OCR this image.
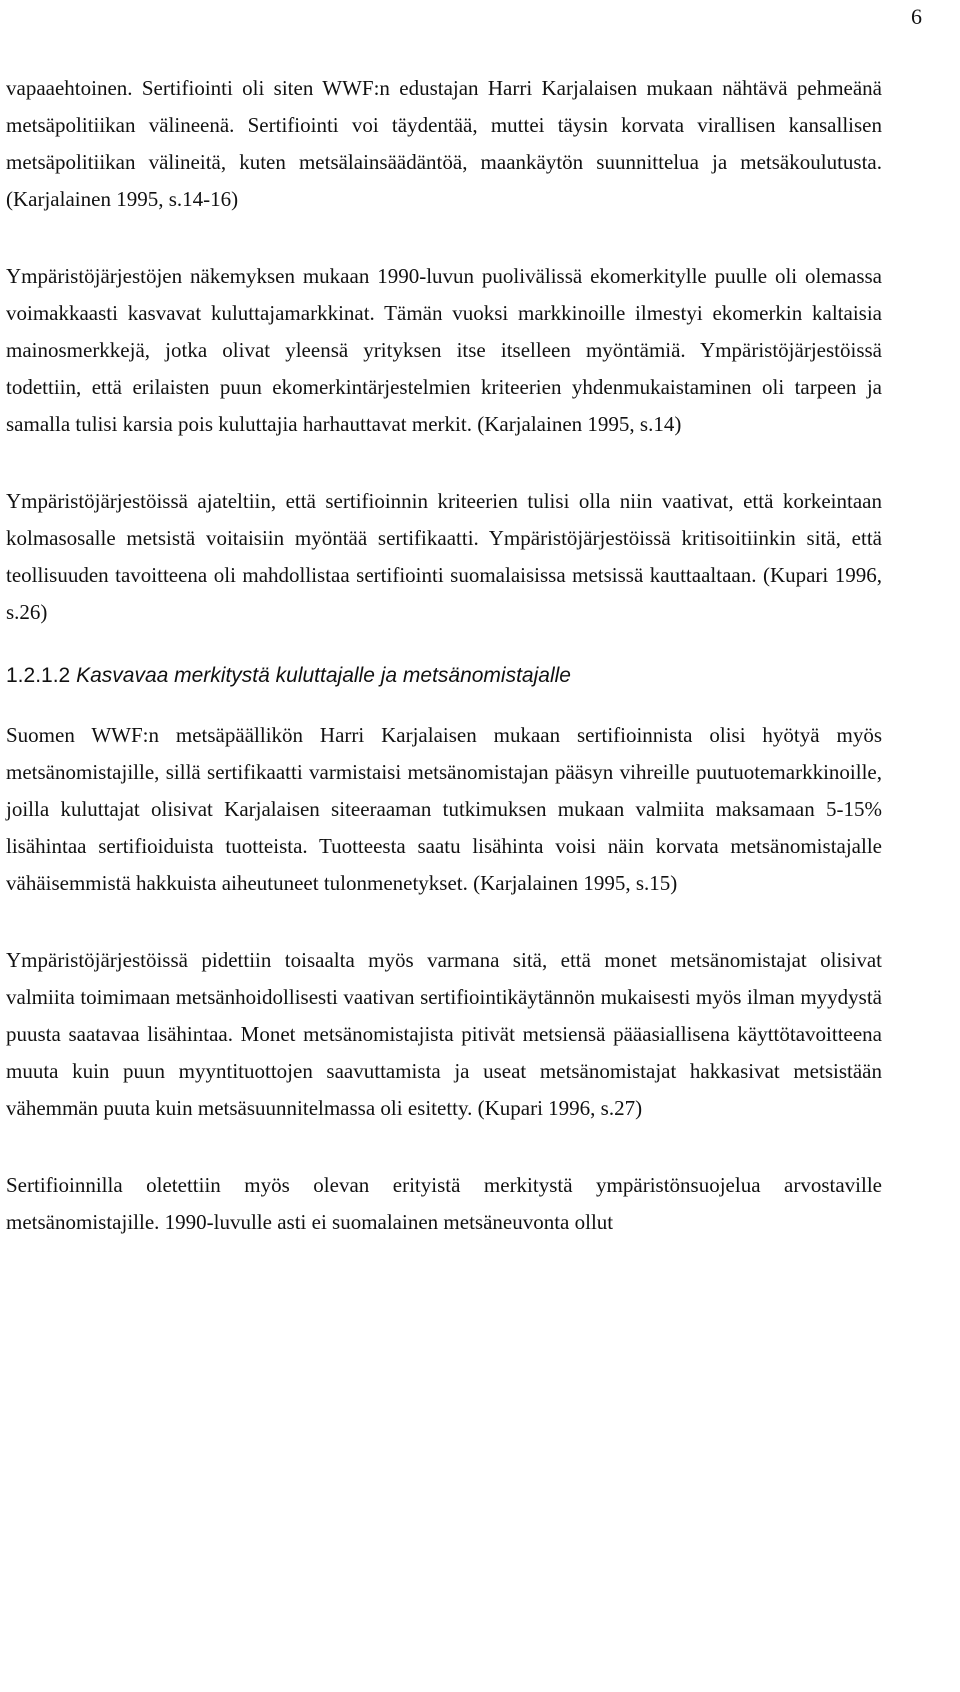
6

vapaaehtoinen. Sertifiointi oli siten WWF:n edustajan Harri Karjalaisen mukaan nähtävä pehmeänä metsäpolitiikan välineenä. Sertifiointi voi täydentää, muttei täysin korvata virallisen kansallisen metsäpolitiikan välineitä, kuten metsälainsäädäntöä, maankäytön suunnittelua ja metsäkoulutusta. (Karjalainen 1995, s.14-16)

Ympäristöjärjestöjen näkemyksen mukaan 1990-luvun puolivälissä ekomerkitylle puulle oli olemassa voimakkaasti kasvavat kuluttajamarkkinat. Tämän vuoksi markkinoille ilmestyi ekomerkin kaltaisia mainosmerkkejä, jotka olivat yleensä yrityksen itse itselleen myöntämiä. Ympäristöjärjestöissä todettiin, että erilaisten puun ekomerkintärjestelmien kriteerien yhdenmukaistaminen oli tarpeen ja samalla tulisi karsia pois kuluttajia harhauttavat merkit. (Karjalainen 1995, s.14)

Ympäristöjärjestöissä ajateltiin, että sertifioinnin kriteerien tulisi olla niin vaativat, että korkeintaan kolmasosalle metsistä voitaisiin myöntää sertifikaatti. Ympäristöjärjestöissä kritisoitiinkin sitä, että teollisuuden tavoitteena oli mahdollistaa sertifiointi suomalaisissa metsissä kauttaaltaan. (Kupari 1996, s.26)

1.2.1.2 Kasvavaa merkitystä kuluttajalle ja metsänomistajalle

Suomen WWF:n metsäpäällikön Harri Karjalaisen mukaan sertifioinnista olisi hyötyä myös metsänomistajille, sillä sertifikaatti varmistaisi metsänomistajan pääsyn vihreille puutuotemarkkinoille, joilla kuluttajat olisivat Karjalaisen siteeraaman tutkimuksen mukaan valmiita maksamaan 5-15% lisähintaa sertifioiduista tuotteista. Tuotteesta saatu lisähinta voisi näin korvata metsänomistajalle vähäisemmistä hakkuista aiheutuneet tulonmenetykset. (Karjalainen 1995, s.15)

Ympäristöjärjestöissä pidettiin toisaalta myös varmana sitä, että monet metsänomistajat olisivat valmiita toimimaan metsänhoidollisesti vaativan sertifiointikäytännön mukaisesti myös ilman myydystä puusta saatavaa lisähintaa. Monet metsänomistajista pitivät metsiensä pääasiallisena käyttötavoitteena muuta kuin puun myyntituottojen saavuttamista ja useat metsänomistajat hakkasivat metsistään vähemmän puuta kuin metsäsuunnitelmassa oli esitetty. (Kupari 1996, s.27)

Sertifioinnilla oletettiin myös olevan erityistä merkitystä ympäristönsuojelua arvostaville metsänomistajille. 1990-luvulle asti ei suomalainen metsäneuvonta ollut
